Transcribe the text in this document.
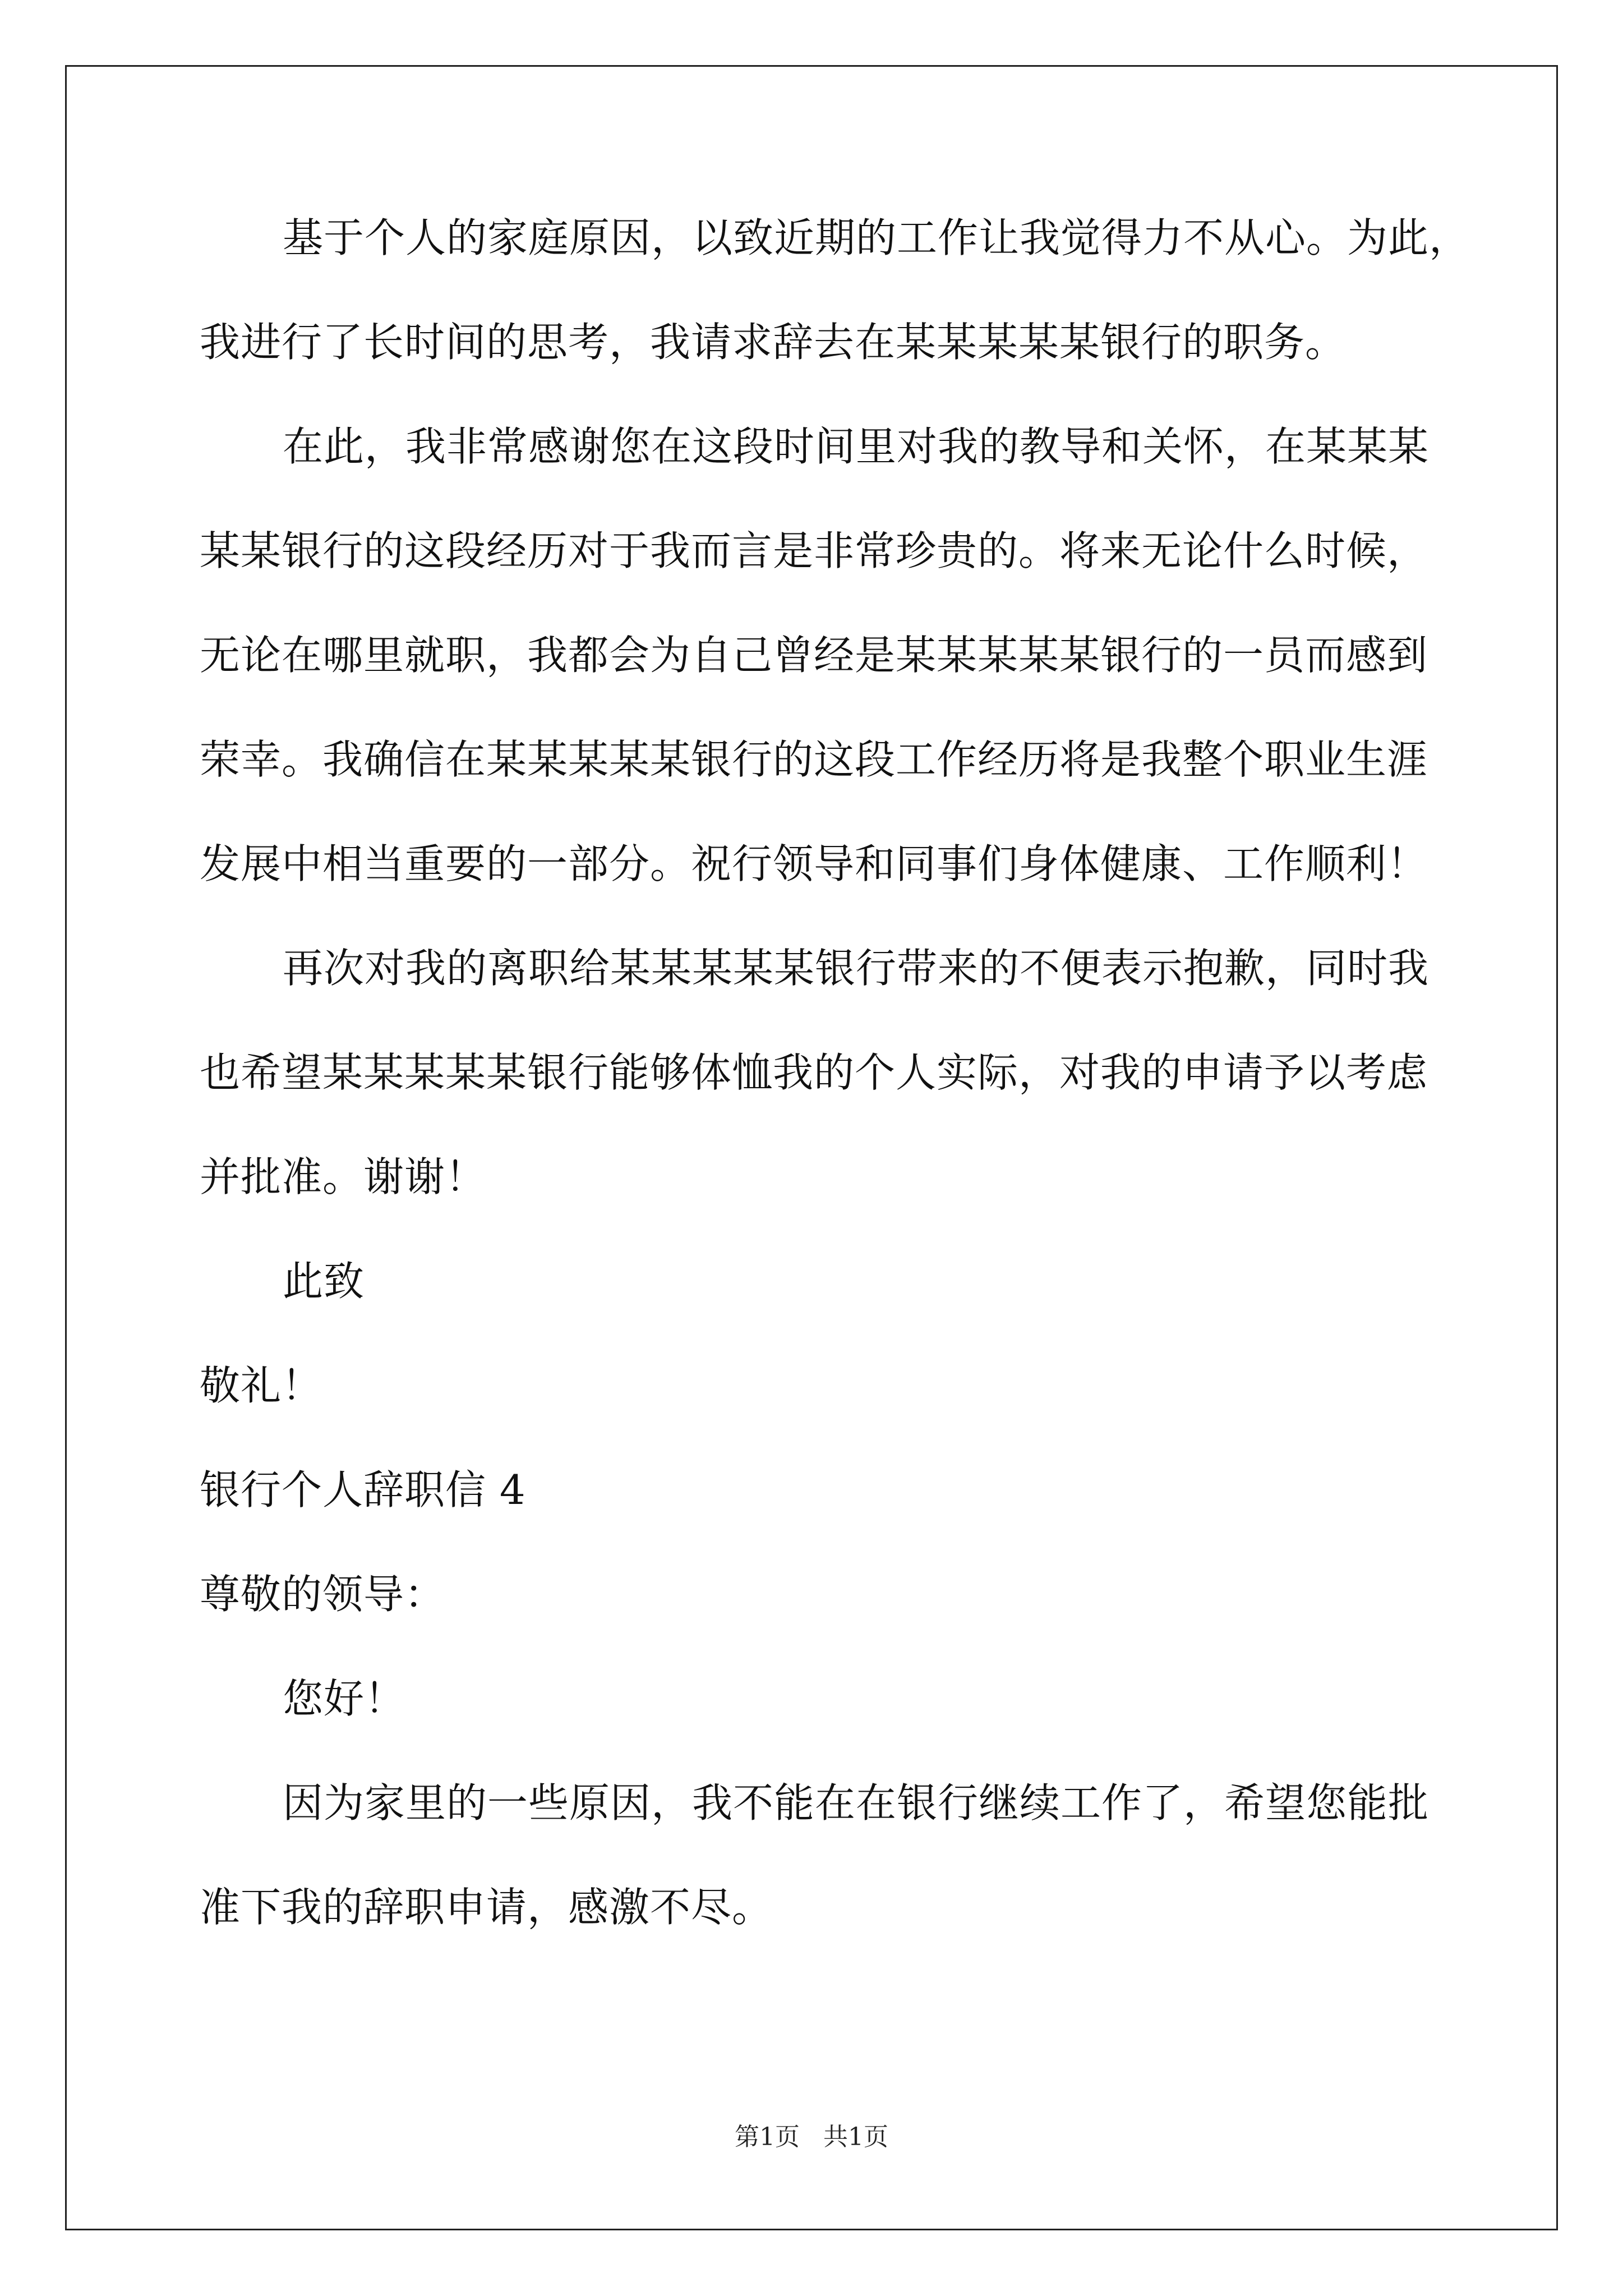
基于个人的家庭原因，以致近期的工作让我觉得力不从心。为此，
我进行了长时间的思考，我请求辞去在某某某某某银行的职务。
在此，我非常感谢您在这段时间里对我的教导和关怀，在某某某
某某银行的这段经历对于我而言是非常珍贵的。将来无论什么时候，
无论在哪里就职，我都会为自己曾经是某某某某某银行的一员而感到
荣幸。我确信在某某某某某银行的这段工作经历将是我整个职业生涯
发展中相当重要的一部分。祝行领导和同事们身体健康、工作顺利！
再次对我的离职给某某某某某银行带来的不便表示抱歉，同时我
也希望某某某某某银行能够体恤我的个人实际，对我的申请予以考虑
并批准。谢谢！
此致
敬礼！
银行个人辞职信 4
尊敬的领导：
您好！
因为家里的一些原因，我不能在在银行继续工作了，希望您能批
准下我的辞职申请，感激不尽。
第1页 共1页
